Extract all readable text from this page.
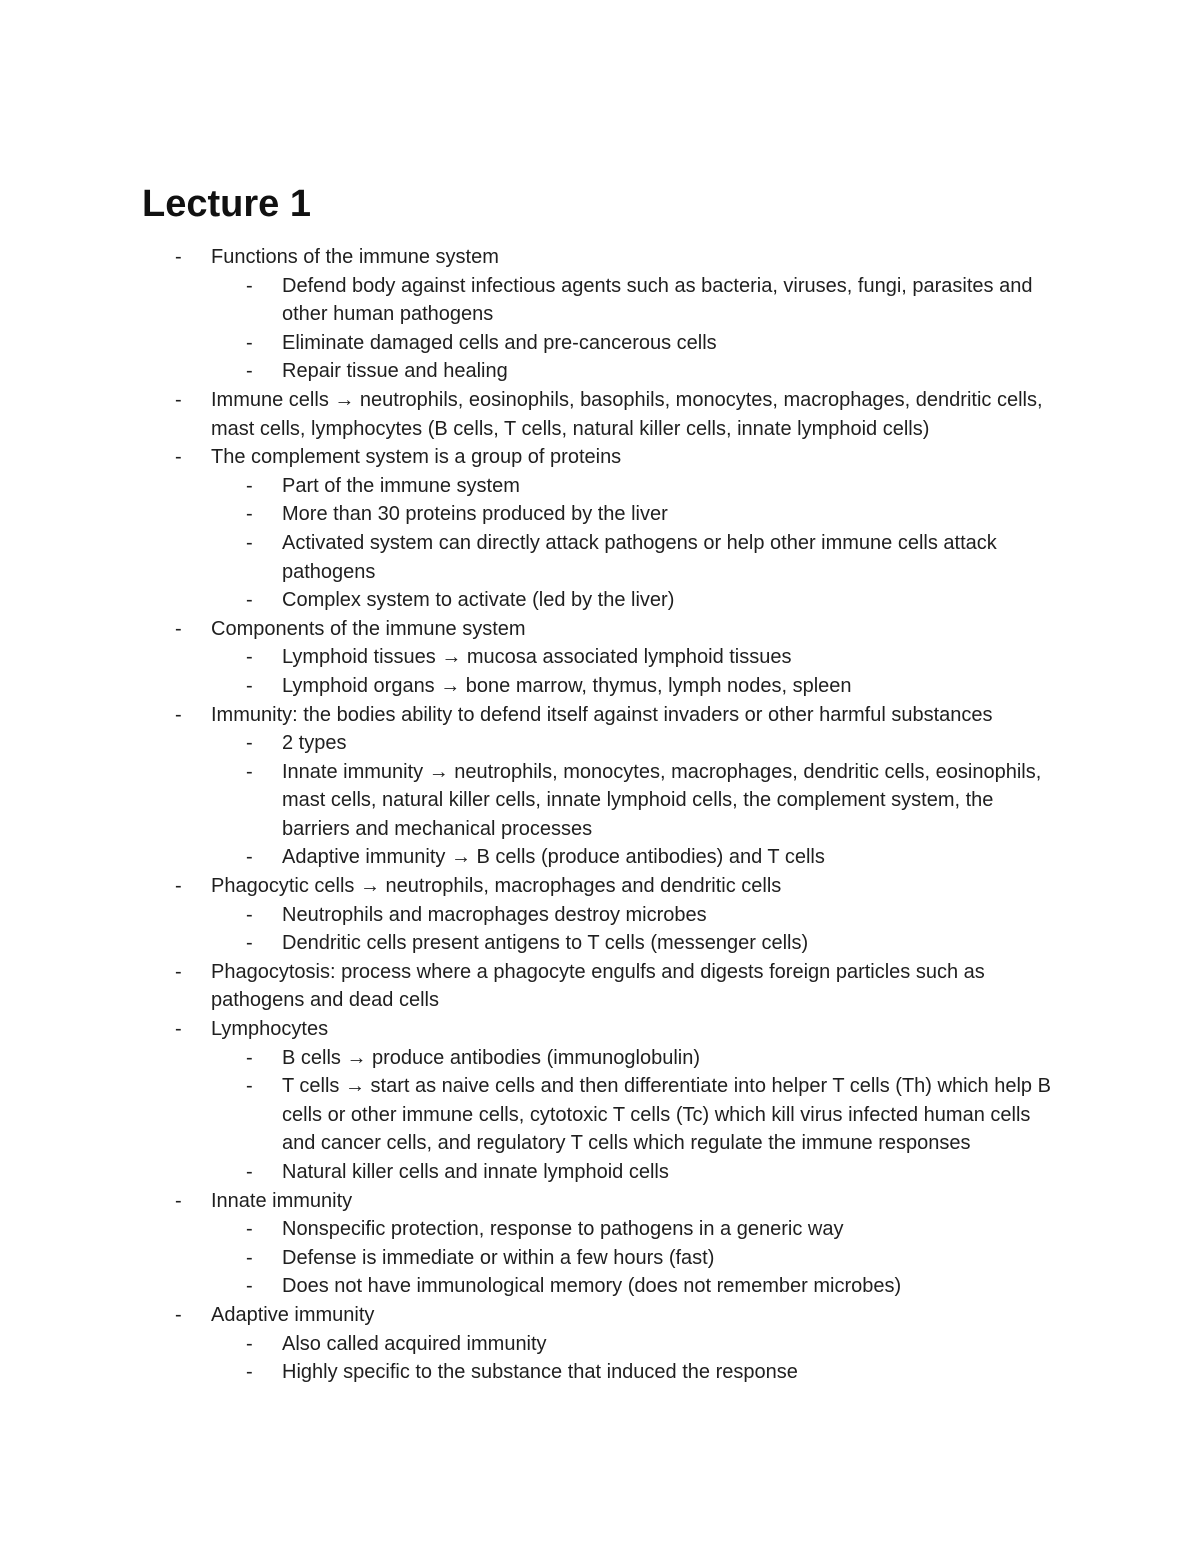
Lecture 1
- Functions of the immune system
- Defend body against infectious agents such as bacteria, viruses, fungi, parasites and other human pathogens
- Eliminate damaged cells and pre-cancerous cells
- Repair tissue and healing
- Immune cells → neutrophils, eosinophils, basophils, monocytes, macrophages, dendritic cells, mast cells, lymphocytes (B cells, T cells, natural killer cells, innate lymphoid cells)
- The complement system is a group of proteins
- Part of the immune system
- More than 30 proteins produced by the liver
- Activated system can directly attack pathogens or help other immune cells attack pathogens
- Complex system to activate (led by the liver)
- Components of the immune system
- Lymphoid tissues → mucosa associated lymphoid tissues
- Lymphoid organs → bone marrow, thymus, lymph nodes, spleen
- Immunity: the bodies ability to defend itself against invaders or other harmful substances
- 2 types
- Innate immunity → neutrophils, monocytes, macrophages, dendritic cells, eosinophils, mast cells, natural killer cells, innate lymphoid cells, the complement system, the barriers and mechanical processes
- Adaptive immunity → B cells (produce antibodies) and T cells
- Phagocytic cells → neutrophils, macrophages and dendritic cells
- Neutrophils and macrophages destroy microbes
- Dendritic cells present antigens to T cells (messenger cells)
- Phagocytosis: process where a phagocyte engulfs and digests foreign particles such as pathogens and dead cells
- Lymphocytes
- B cells → produce antibodies (immunoglobulin)
- T cells → start as naive cells and then differentiate into helper T cells (Th) which help B cells or other immune cells, cytotoxic T cells (Tc) which kill virus infected human cells and cancer cells, and regulatory T cells which regulate the immune responses
- Natural killer cells and innate lymphoid cells
- Innate immunity
- Nonspecific protection, response to pathogens in a generic way
- Defense is immediate or within a few hours (fast)
- Does not have immunological memory (does not remember microbes)
- Adaptive immunity
- Also called acquired immunity
- Highly specific to the substance that induced the response
